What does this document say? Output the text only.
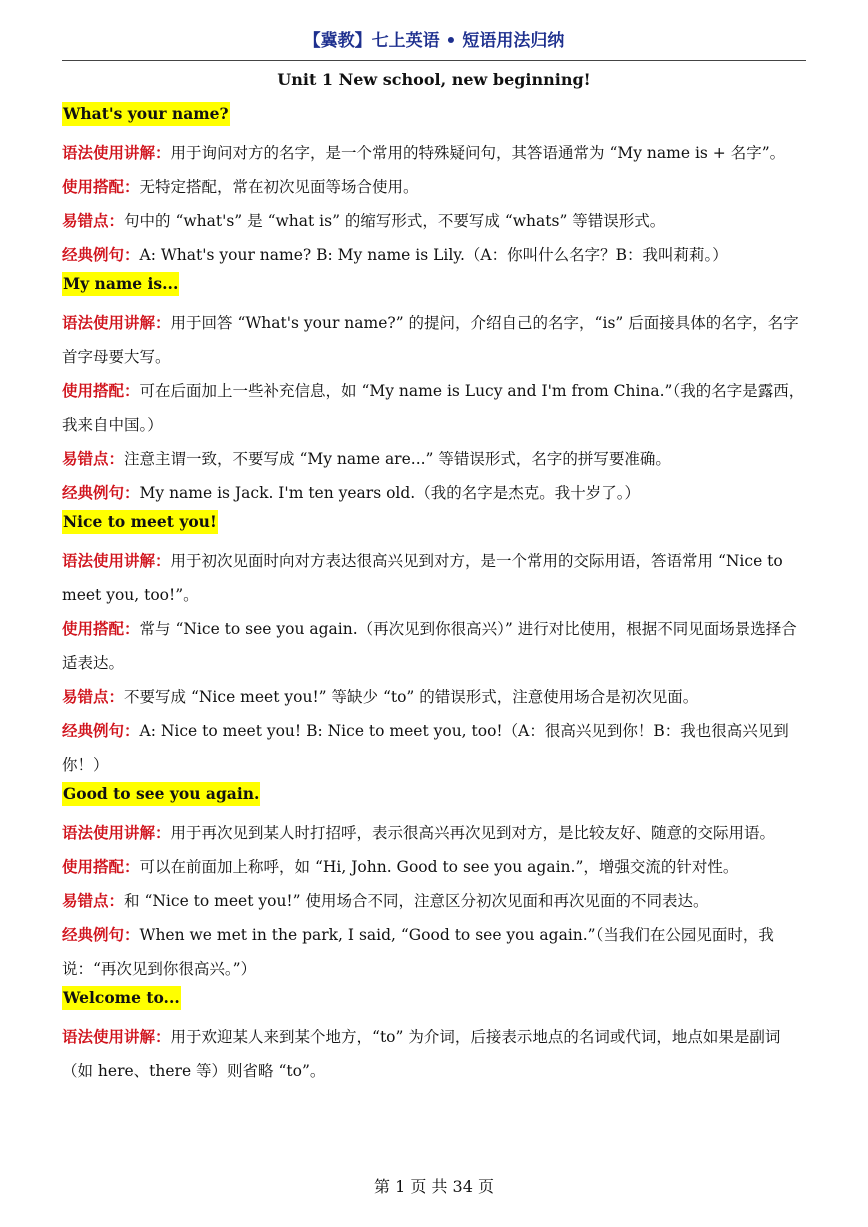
【冀教】七上英语 • 短语用法归纳
Unit 1 New school, new beginning!
What's your name?

语法使用讲解：用于询问对方的名字，是一个常用的特殊疑问句，其答语通常为 “My name is + 名字”。

使用搭配：无特定搭配，常在初次见面等场合使用。

易错点：句中的 “what's” 是 “what is” 的缩写形式，不要写成 “whats” 等错误形式。

经典例句：A: What's your name? B: My name is Lily.（A：你叫什么名字？B：我叫莉莉。）

My name is...

语法使用讲解：用于回答 “What's your name?” 的提问，介绍自己的名字，“is” 后面接具体的名字，名字首字母要大写。

使用搭配：可在后面加上一些补充信息，如 “My name is Lucy and I'm from China.”（我的名字是露西，我来自中国。）

易错点：注意主谓一致，不要写成 “My name are...” 等错误形式，名字的拼写要准确。

经典例句：My name is Jack. I'm ten years old.（我的名字是杰克。我十岁了。）

Nice to meet you!

语法使用讲解：用于初次见面时向对方表达很高兴见到对方，是一个常用的交际用语，答语常用 “Nice to meet you, too!”。

使用搭配：常与 “Nice to see you again.（再次见到你很高兴）” 进行对比使用，根据不同见面场景选择合适表达。

易错点：不要写成 “Nice meet you!” 等缺少 “to” 的错误形式，注意使用场合是初次见面。

经典例句：A: Nice to meet you! B: Nice to meet you, too!（A：很高兴见到你！B：我也很高兴见到你！）

Good to see you again.

语法使用讲解：用于再次见到某人时打招呼，表示很高兴再次见到对方，是比较友好、随意的交际用语。

使用搭配：可以在前面加上称呼，如 “Hi, John. Good to see you again.”，增强交流的针对性。

易错点：和 “Nice to meet you!” 使用场合不同，注意区分初次见面和再次见面的不同表达。

经典例句：When we met in the park, I said, “Good to see you again.”（当我们在公园见面时，我说：“再次见到你很高兴。”）

Welcome to...

语法使用讲解：用于欢迎某人来到某个地方，“to” 为介词，后接表示地点的名词或代词，地点如果是副词（如 here、there 等）则省略 “to”。

第 1 页 共 34 页
